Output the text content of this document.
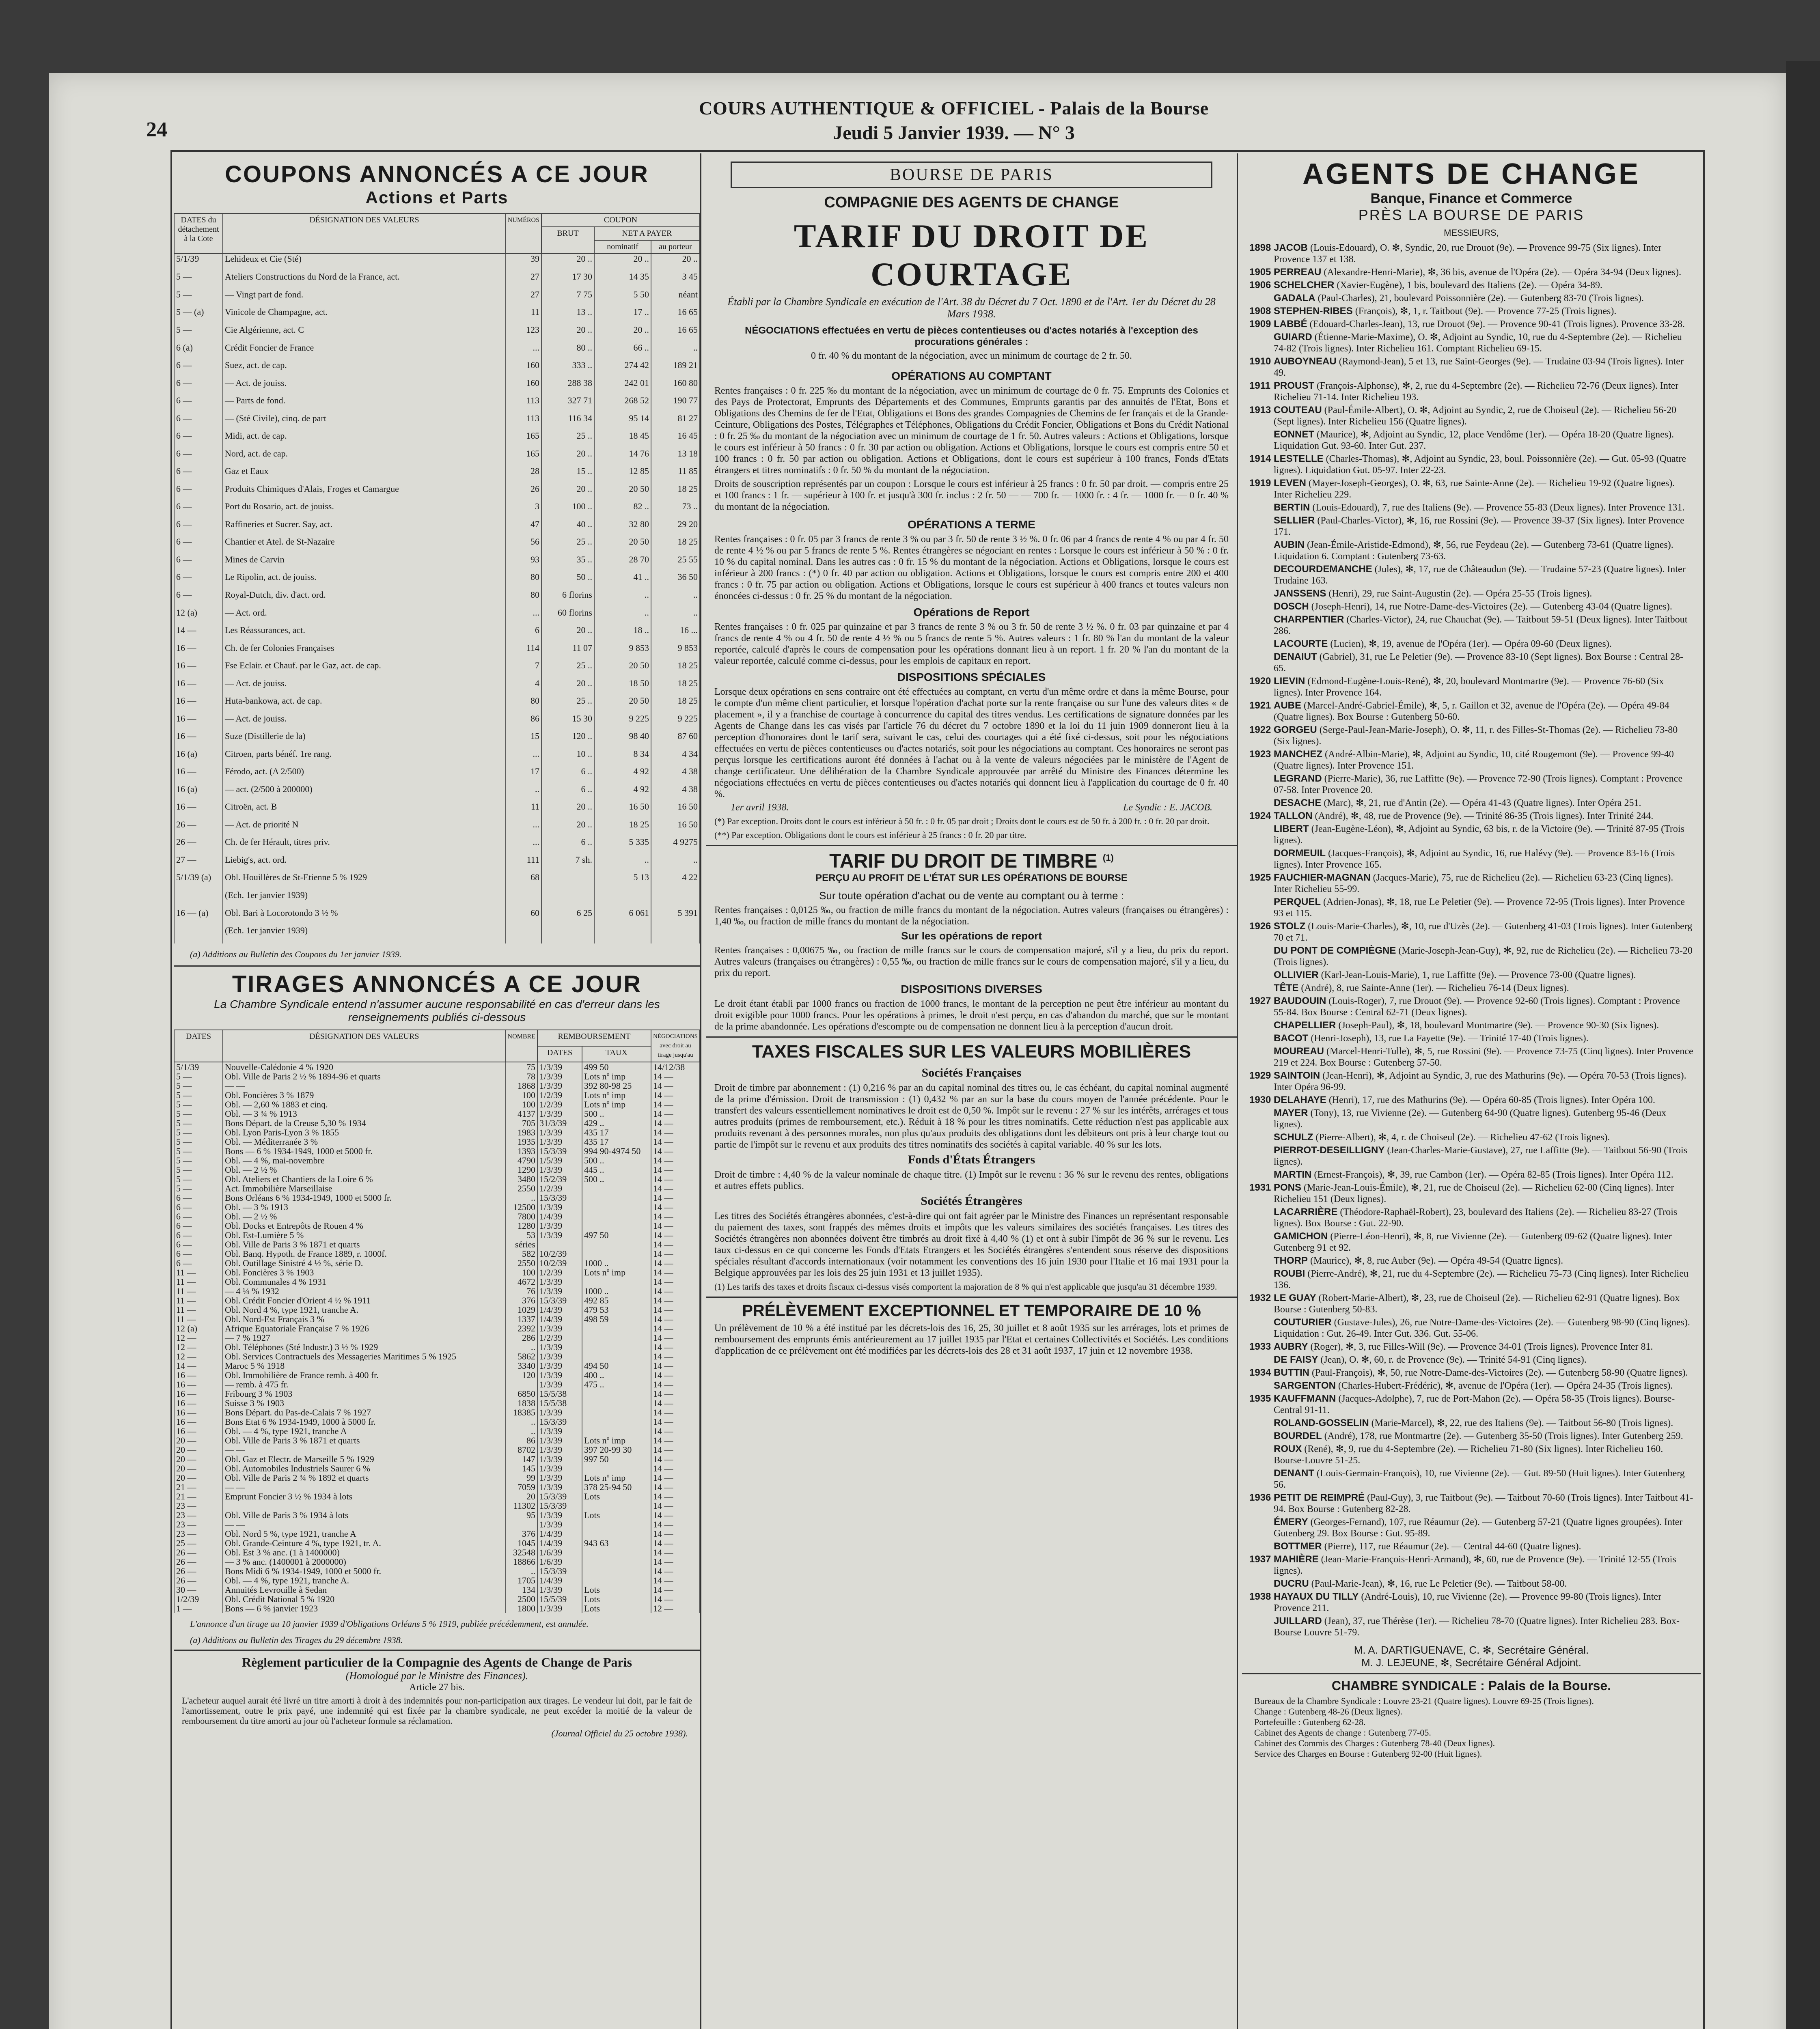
24
COURS AUTHENTIQUE & OFFICIEL - Palais de la Bourse
Jeudi 5 Janvier 1939. — N° 3
COUPONS ANNONCÉS A CE JOUR
Actions et Parts
DATES du détachement à la Cote	DÉSIGNATION DES VALEURS	NUMÉROS	COUPON		
			BRUT	NET A PAYER	
				nominatif	au porteur
5/1/39	Lehideux et Cie (Sté)	39	20 ..	20 ..	20 ..
5 —	Ateliers Constructions du Nord de la France, act.	27	17 30	14 35	3 45
5 —	— Vingt part de fond.	27	7 75	5 50	néant
5 — (a)	Vinicole de Champagne, act.	11	13 ..	17 ..	16 65
5 —	Cie Algérienne, act. C	123	20 ..	20 ..	16 65
6 (a)	Crédit Foncier de France	...	80 ..	66 ..	..
6 —	Suez, act. de cap.	160	333 ..	274 42	189 21
6 —	— Act. de jouiss.	160	288 38	242 01	160 80
6 —	— Parts de fond.	113	327 71	268 52	190 77
6 —	— (Sté Civile), cinq. de part	113	116 34	95 14	81 27
6 —	Midi, act. de cap.	165	25 ..	18 45	16 45
6 —	Nord, act. de cap.	165	20 ..	14 76	13 18
6 —	Gaz et Eaux	28	15 ..	12 85	11 85
6 —	Produits Chimiques d'Alais, Froges et Camargue	26	20 ..	20 50	18 25
6 —	Port du Rosario, act. de jouiss.	3	100 ..	82 ..	73 ..
6 —	Raffineries et Sucrer. Say, act.	47	40 ..	32 80	29 20
6 —	Chantier et Atel. de St-Nazaire	56	25 ..	20 50	18 25
6 —	Mines de Carvin	93	35 ..	28 70	25 55
6 —	Le Ripolin, act. de jouiss.	80	50 ..	41 ..	36 50
6 —	Royal-Dutch, div. d'act. ord.	80	6 florins	..	..
12 (a)	— Act. ord.	...	60 florins	..	..
14 —	Les Réassurances, act.	6	20 ..	18 ..	16 ...
16 —	Ch. de fer Colonies Françaises	114	11 07	9 853	9 853
16 —	Fse Eclair. et Chauf. par le Gaz, act. de cap.	7	25 ..	20 50	18 25
16 —	— Act. de jouiss.	4	20 ..	18 50	18 25
16 —	Huta-bankowa, act. de cap.	80	25 ..	20 50	18 25
16 —	— Act. de jouiss.	86	15 30	9 225	9 225
16 —	Suze (Distillerie de la)	15	120 ..	98 40	87 60
16 (a)	Citroen, parts bénéf. 1re rang.	...	10 ..	8 34	4 34
16 —	Férodo, act. (A 2/500)	17	6 ..	4 92	4 38
16 (a)	— act. (2/500 à 200000)	..	6 ..	4 92	4 38
16 —	Citroën, act. B	11	20 ..	16 50	16 50
26 —	— Act. de priorité N	...	20 ..	18 25	16 50
26 —	Ch. de fer Hérault, titres priv.	...	6 ..	5 335	4 9275
27 —	Liebig's, act. ord.	111	7 sh.	..	..

5/1/39 (a)	Obl. Houillères de St-Etienne 5 % 1929	68		5 13	4 22
	(Ech. 1er janvier 1939)				
16 — (a)	Obl. Bari à Locorotondo 3 ½ %	60	6 25	6 061	5 391
	(Ech. 1er janvier 1939)				
(a) Additions au Bulletin des Coupons du 1er janvier 1939.
TIRAGES ANNONCÉS A CE JOUR
La Chambre Syndicale entend n'assumer aucune responsabilité en cas d'erreur dans les renseignements publiés ci-dessous
DATES	DÉSIGNATION DES VALEURS	NOMBRE	REMBOURSEMENT		NÉGOCIATIONS avec droit au tirage jusqu'au
			DATES	TAUX	
5/1/39	Nouvelle-Calédonie 4 % 1920	75	1/3/39	499 50	14/12/38
5 —	Obl. Ville de Paris 2 ½ % 1894-96 et quarts	78	1/3/39	Lots nº imp	14 —
5 —	— —	1868	1/3/39	392 80-98 25	14 —
5 —	Obl. Foncières 3 % 1879	100	1/2/39	Lots nº imp	14 —
5 —	Obl. — 2,60 % 1883 et cinq.	100	1/2/39	Lots nº imp	14 —
5 —	Obl. — 3 ¾ % 1913	4137	1/3/39	500 ..	14 —
5 —	Bons Départ. de la Creuse 5,30 % 1934	705	31/3/39	429 ..	14 —
5 —	Obl. Lyon Paris-Lyon 3 % 1855	1983	1/3/39	435 17	14 —
5 —	Obl. — Méditerranée 3 %	1935	1/3/39	435 17	14 —
5 —	Bons — 6 % 1934-1949, 1000 et 5000 fr.	1393	15/3/39	994 90-4974 50	14 —
5 —	Obl. — 4 %, mai-novembre	4790	1/5/39	500 ..	14 —
5 —	Obl. — 2 ½ %	1290	1/3/39	445 ..	14 —
5 —	Obl. Ateliers et Chantiers de la Loire 6 %	3480	15/2/39	500 ..	14 —
5 —	Act. Immobilière Marseillaise	2550	1/2/39		14 —
6 —	Bons Orléans 6 % 1934-1949, 1000 et 5000 fr.	..	15/3/39		14 —
6 —	Obl. — 3 % 1913	12500	1/3/39		14 —
6 —	Obl. — 2 ½ %	7800	1/4/39		14 —
6 —	Obl. Docks et Entrepôts de Rouen 4 %	1280	1/3/39		14 —
6 —	Obl. Est-Lumière 5 %	53	1/3/39	497 50	14 —
6 —	Obl. Ville de Paris 3 % 1871 et quarts	séries			14 —
6 —	Obl. Banq. Hypoth. de France 1889, r. 1000f.	582	10/2/39		14 —
6 —	Obl. Outillage Sinistré 4 ½ %, série D.	2550	10/2/39	1000 ..	14 —
11 —	Obl. Foncières 3 % 1903	100	1/2/39	Lots nº imp	14 —
11 —	Obl. Communales 4 % 1931	4672	1/3/39		14 —
11 —	— 4 ¼ % 1932	76	1/3/39	1000 ..	14 —
11 —	Obl. Crédit Foncier d'Orient 4 ½ % 1911	376	15/3/39	492 85	14 —
11 —	Obl. Nord 4 %, type 1921, tranche A.	1029	1/4/39	479 53	14 —
11 —	Obl. Nord-Est Français 3 %	1337	1/4/39	498 59	14 —
12 (a)	Afrique Equatoriale Française 7 % 1926	2392	1/3/39		14 —
12 —	— 7 % 1927	286	1/2/39		14 —
12 —	Obl. Téléphones (Sté Industr.) 3 ½ % 1929	..	1/3/39		14 —
12 —	Obl. Services Contractuels des Messageries Maritimes 5 % 1925	5862	1/3/39		14 —
14 —	Maroc 5 % 1918	3340	1/3/39	494 50	14 —
16 —	Obl. Immobilière de France remb. à 400 fr.	120	1/3/39	400 ..	14 —
16 —	— remb. à 475 fr.		1/3/39	475 ..	14 —
16 —	Fribourg 3 % 1903	6850	15/5/38		14 —
16 —	Suisse 3 % 1903	1838	15/5/38		14 —
16 —	Bons Départ. du Pas-de-Calais 7 % 1927	18385	1/3/39		14 —
16 —	Bons Etat 6 % 1934-1949, 1000 à 5000 fr.	..	15/3/39		14 —
16 —	Obl. — 4 %, type 1921, tranche A	..	1/3/39		14 —
20 —	Obl. Ville de Paris 3 % 1871 et quarts	86	1/3/39	Lots nº imp	14 —
20 —	— —	8702	1/3/39	397 20-99 30	14 —
20 —	Obl. Gaz et Electr. de Marseille 5 % 1929	147	1/3/39	997 50	14 —
20 —	Obl. Automobiles Industriels Saurer 6 %	145	1/3/39		14 —
20 —	Obl. Ville de Paris 2 ¾ % 1892 et quarts	99	1/3/39	Lots nº imp	14 —
21 —	— —	7059	1/3/39	378 25-94 50	14 —
21 —	Emprunt Foncier 3 ½ % 1934 à lots	20	15/3/39	Lots	14 —
23 —		11302	15/3/39		14 —
23 —	Obl. Ville de Paris 3 % 1934 à lots	95	1/3/39	Lots	14 —
23 —	— —		1/3/39		14 —
23 —	Obl. Nord 5 %, type 1921, tranche A	376	1/4/39		14 —
25 —	Obl. Grande-Ceinture 4 %, type 1921, tr. A.	1045	1/4/39	943 63	14 —
26 —	Obl. Est 3 % anc. (1 à 1400000)	32548	1/6/39		14 —
26 —	— 3 % anc. (1400001 à 2000000)	18866	1/6/39		14 —
26 —	Bons Midi 6 % 1934-1949, 1000 et 5000 fr.	..	15/3/39		14 —
26 —	Obl. — 4 %, type 1921, tranche A.	1705	1/4/39		14 —
30 —	Annuités Levrouille à Sedan	134	1/3/39	Lots	14 —
1/2/39	Obl. Crédit National 5 % 1920	2500	15/5/39	Lots	14 —
1 —	Bons — 6 % janvier 1923	1800	1/3/39	Lots	12 —
L'annonce d'un tirage au 10 janvier 1939 d'Obligations Orléans 5 % 1919, publiée précédemment, est annulée.
(a) Additions au Bulletin des Tirages du 29 décembre 1938.
Règlement particulier de la Compagnie des Agents de Change de Paris
(Homologué par le Ministre des Finances).
Article 27 bis.
L'acheteur auquel aurait été livré un titre amorti à droit à des indemnités pour non-participation aux tirages. Le vendeur lui doit, par le fait de l'amortissement, outre le prix payé, une indemnité qui est fixée par la chambre syndicale, ne peut excéder la moitié de la valeur de remboursement du titre amorti au jour où l'acheteur formule sa réclamation.
(Journal Officiel du 25 octobre 1938).
BOURSE DE PARIS
COMPAGNIE DES AGENTS DE CHANGE
TARIF DU DROIT DE COURTAGE
Établi par la Chambre Syndicale en exécution de l'Art. 38 du Décret du 7 Oct. 1890 et de l'Art. 1er du Décret du 28 Mars 1938.
NÉGOCIATIONS effectuées en vertu de pièces contentieuses ou d'actes notariés à l'exception des procurations générales :
0 fr. 40 % du montant de la négociation, avec un minimum de courtage de 2 fr. 50.
OPÉRATIONS AU COMPTANT
Rentes françaises : 0 fr. 225 ‰ du montant de la négociation, avec un minimum de courtage de 0 fr. 75. Emprunts des Colonies et des Pays de Protectorat, Emprunts des Départements et des Communes, Emprunts garantis par des annuités de l'Etat, Bons et Obligations des Chemins de fer de l'Etat, Obligations et Bons des grandes Compagnies de Chemins de fer français et de la Grande-Ceinture, Obligations des Postes, Télégraphes et Téléphones, Obligations du Crédit Foncier, Obligations et Bons du Crédit National : 0 fr. 25 ‰ du montant de la négociation avec un minimum de courtage de 1 fr. 50. Autres valeurs : Actions et Obligations, lorsque le cours est inférieur à 50 francs : 0 fr. 30 par action ou obligation. Actions et Obligations, lorsque le cours est compris entre 50 et 100 francs : 0 fr. 50 par action ou obligation. Actions et Obligations, dont le cours est supérieur à 100 francs, Fonds d'Etats étrangers et titres nominatifs : 0 fr. 50 % du montant de la négociation.
Droits de souscription représentés par un coupon : Lorsque le cours est inférieur à 25 francs : 0 fr. 50 par droit. — compris entre 25 et 100 francs : 1 fr. — supérieur à 100 fr. et jusqu'à 300 fr. inclus : 2 fr. 50 — — 700 fr. — 1000 fr. : 4 fr. — 1000 fr. — 0 fr. 40 % du montant de la négociation.
OPÉRATIONS A TERME
Rentes françaises : 0 fr. 05 par 3 francs de rente 3 % ou par 3 fr. 50 de rente 3 ½ %. 0 fr. 06 par 4 francs de rente 4 % ou par 4 fr. 50 de rente 4 ½ % ou par 5 francs de rente 5 %. Rentes étrangères se négociant en rentes : Lorsque le cours est inférieur à 50 % : 0 fr. 10 % du capital nominal. Dans les autres cas : 0 fr. 15 % du montant de la négociation. Actions et Obligations, lorsque le cours est inférieur à 200 francs : (*) 0 fr. 40 par action ou obligation. Actions et Obligations, lorsque le cours est compris entre 200 et 400 francs : 0 fr. 75 par action ou obligation. Actions et Obligations, lorsque le cours est supérieur à 400 francs et toutes valeurs non énoncées ci-dessus : 0 fr. 25 % du montant de la négociation.
Opérations de Report
Rentes françaises : 0 fr. 025 par quinzaine et par 3 francs de rente 3 % ou 3 fr. 50 de rente 3 ½ %. 0 fr. 03 par quinzaine et par 4 francs de rente 4 % ou 4 fr. 50 de rente 4 ½ % ou 5 francs de rente 5 %. Autres valeurs : 1 fr. 80 % l'an du montant de la valeur reportée, calculé d'après le cours de compensation pour les opérations donnant lieu à un report. 1 fr. 20 % l'an du montant de la valeur reportée, calculé comme ci-dessus, pour les emplois de capitaux en report.
DISPOSITIONS SPÉCIALES
Lorsque deux opérations en sens contraire ont été effectuées au comptant, en vertu d'un même ordre et dans la même Bourse, pour le compte d'un même client particulier, et lorsque l'opération d'achat porte sur la rente française ou sur l'une des valeurs dites « de placement », il y a franchise de courtage à concurrence du capital des titres vendus. Les certifications de signature données par les Agents de Change dans les cas visés par l'article 76 du décret du 7 octobre 1890 et la loi du 11 juin 1909 donneront lieu à la perception d'honoraires dont le tarif sera, suivant le cas, celui des courtages qui a été fixé ci-dessus, soit pour les négociations effectuées en vertu de pièces contentieuses ou d'actes notariés, soit pour les négociations au comptant. Ces honoraires ne seront pas perçus lorsque les certifications auront été données à l'achat ou à la vente de valeurs négociées par le ministère de l'Agent de change certificateur. Une délibération de la Chambre Syndicale approuvée par arrêté du Ministre des Finances détermine les négociations effectuées en vertu de pièces contentieuses ou d'actes notariés qui donnent lieu à l'application du courtage de 0 fr. 40 %.
1er avril 1938.	Le Syndic : E. JACOB.
(*) Par exception. Droits dont le cours est inférieur à 50 fr. : 0 fr. 05 par droit ; Droits dont le cours est de 50 fr. à 200 fr. : 0 fr. 20 par droit.
(**) Par exception. Obligations dont le cours est inférieur à 25 francs : 0 fr. 20 par titre.
TARIF DU DROIT DE TIMBRE $^{(1)}$
PERÇU AU PROFIT DE L'ÉTAT SUR LES OPÉRATIONS DE BOURSE
Sur toute opération d'achat ou de vente au comptant ou à terme :
Rentes françaises : 0,0125 ‰, ou fraction de mille francs du montant de la négociation. Autres valeurs (françaises ou étrangères) : 1,40 ‰, ou fraction de mille francs du montant de la négociation.
Sur les opérations de report
Rentes françaises : 0,00675 ‰, ou fraction de mille francs sur le cours de compensation majoré, s'il y a lieu, du prix du report. Autres valeurs (françaises ou étrangères) : 0,55 ‰, ou fraction de mille francs sur le cours de compensation majoré, s'il y a lieu, du prix du report.
DISPOSITIONS DIVERSES
Le droit étant établi par 1000 francs ou fraction de 1000 francs, le montant de la perception ne peut être inférieur au montant du droit exigible pour 1000 francs. Pour les opérations à primes, le droit n'est perçu, en cas d'abandon du marché, que sur le montant de la prime abandonnée. Les opérations d'escompte ou de compensation ne donnent lieu à la perception d'aucun droit.
TAXES FISCALES SUR LES VALEURS MOBILIÈRES
Sociétés Françaises
Droit de timbre par abonnement : (1) 0,216 % par an du capital nominal des titres ou, le cas échéant, du capital nominal augmenté de la prime d'émission. Droit de transmission : (1) 0,432 % par an sur la base du cours moyen de l'année précédente. Pour le transfert des valeurs essentiellement nominatives le droit est de 0,50 %. Impôt sur le revenu : 27 % sur les intérêts, arrérages et tous autres produits (primes de remboursement, etc.). Réduit à 18 % pour les titres nominatifs. Cette réduction n'est pas applicable aux produits revenant à des personnes morales, non plus qu'aux produits des obligations dont les débiteurs ont pris à leur charge tout ou partie de l'impôt sur le revenu et aux produits des titres nominatifs des sociétés à capital variable. 40 % sur les lots.
Fonds d'États Étrangers
Droit de timbre : 4,40 % de la valeur nominale de chaque titre. (1) Impôt sur le revenu : 36 % sur le revenu des rentes, obligations et autres effets publics.
Sociétés Étrangères
Les titres des Sociétés étrangères abonnées, c'est-à-dire qui ont fait agréer par le Ministre des Finances un représentant responsable du paiement des taxes, sont frappés des mêmes droits et impôts que les valeurs similaires des sociétés françaises. Les titres des Sociétés étrangères non abonnées doivent être timbrés au droit fixé à 4,40 % (1) et ont à subir l'impôt de 36 % sur le revenu. Les taux ci-dessus en ce qui concerne les Fonds d'Etats Etrangers et les Sociétés étrangères s'entendent sous réserve des dispositions spéciales résultant d'accords internationaux (voir notamment les conventions des 16 juin 1930 pour l'Italie et 16 mai 1931 pour la Belgique approuvées par les lois des 25 juin 1931 et 13 juillet 1935).
(1) Les tarifs des taxes et droits fiscaux ci-dessus visés comportent la majoration de 8 % qui n'est applicable que jusqu'au 31 décembre 1939.
PRÉLÈVEMENT EXCEPTIONNEL ET TEMPORAIRE DE 10 %
Un prélèvement de 10 % a été institué par les décrets-lois des 16, 25, 30 juillet et 8 août 1935 sur les arrérages, lots et primes de remboursement des emprunts émis antérieurement au 17 juillet 1935 par l'Etat et certaines Collectivités et Sociétés. Les conditions d'application de ce prélèvement ont été modifiées par les décrets-lois des 28 et 31 août 1937, 17 juin et 12 novembre 1938.
AGENTS DE CHANGE
Banque, Finance et Commerce
PRÈS LA BOURSE DE PARIS
MESSIEURS,
1898 JACOB (Louis-Edouard), O. ✻, Syndic, 20, rue Drouot (9e). — Provence 99-75 (Six lignes). Inter Provence 137 et 138.
1905 PERREAU (Alexandre-Henri-Marie), ✻, 36 bis, avenue de l'Opéra (2e). — Opéra 34-94 (Deux lignes).
1906 SCHELCHER (Xavier-Eugène), 1 bis, boulevard des Italiens (2e). — Opéra 34-89.
GADALA (Paul-Charles), 21, boulevard Poissonnière (2e). — Gutenberg 83-70 (Trois lignes).
1908 STEPHEN-RIBES (François), ✻, 1, r. Taitbout (9e). — Provence 77-25 (Trois lignes).
1909 LABBÉ (Edouard-Charles-Jean), 13, rue Drouot (9e). — Provence 90-41 (Trois lignes). Provence 33-28.
GUIARD (Étienne-Marie-Maxime), O. ✻, Adjoint au Syndic, 10, rue du 4-Septembre (2e). — Richelieu 74-82 (Trois lignes). Inter Richelieu 161. Comptant Richelieu 69-15.
1910 AUBOYNEAU (Raymond-Jean), 5 et 13, rue Saint-Georges (9e). — Trudaine 03-94 (Trois lignes). Inter 49.
1911 PROUST (François-Alphonse), ✻, 2, rue du 4-Septembre (2e). — Richelieu 72-76 (Deux lignes). Inter Richelieu 71-14. Inter Richelieu 193.
1913 COUTEAU (Paul-Émile-Albert), O. ✻, Adjoint au Syndic, 2, rue de Choiseul (2e). — Richelieu 56-20 (Sept lignes). Inter Richelieu 156 (Quatre lignes).
EONNET (Maurice), ✻, Adjoint au Syndic, 12, place Vendôme (1er). — Opéra 18-20 (Quatre lignes). Liquidation Gut. 93-60. Inter Gut. 237.
1914 LESTELLE (Charles-Thomas), ✻, Adjoint au Syndic, 23, boul. Poissonnière (2e). — Gut. 05-93 (Quatre lignes). Liquidation Gut. 05-97. Inter 22-23.
1919 LEVEN (Mayer-Joseph-Georges), O. ✻, 63, rue Sainte-Anne (2e). — Richelieu 19-92 (Quatre lignes). Inter Richelieu 229.
BERTIN (Louis-Edouard), 7, rue des Italiens (9e). — Provence 55-83 (Deux lignes). Inter Provence 131.
SELLIER (Paul-Charles-Victor), ✻, 16, rue Rossini (9e). — Provence 39-37 (Six lignes). Inter Provence 171.
AUBIN (Jean-Émile-Aristide-Edmond), ✻, 56, rue Feydeau (2e). — Gutenberg 73-61 (Quatre lignes). Liquidation 6. Comptant : Gutenberg 73-63.
DECOURDEMANCHE (Jules), ✻, 17, rue de Châteaudun (9e). — Trudaine 57-23 (Quatre lignes). Inter Trudaine 163.
JANSSENS (Henri), 29, rue Saint-Augustin (2e). — Opéra 25-55 (Trois lignes).
DOSCH (Joseph-Henri), 14, rue Notre-Dame-des-Victoires (2e). — Gutenberg 43-04 (Quatre lignes).
CHARPENTIER (Charles-Victor), 24, rue Chauchat (9e). — Taitbout 59-51 (Deux lignes). Inter Taitbout 286.
LACOURTE (Lucien), ✻, 19, avenue de l'Opéra (1er). — Opéra 09-60 (Deux lignes).
DENAIUT (Gabriel), 31, rue Le Peletier (9e). — Provence 83-10 (Sept lignes). Box Bourse : Central 28-65.
1920 LIEVIN (Edmond-Eugène-Louis-René), ✻, 20, boulevard Montmartre (9e). — Provence 76-60 (Six lignes). Inter Provence 164.
1921 AUBE (Marcel-André-Gabriel-Émile), ✻, 5, r. Gaillon et 32, avenue de l'Opéra (2e). — Opéra 49-84 (Quatre lignes). Box Bourse : Gutenberg 50-60.
1922 GORGEU (Serge-Paul-Jean-Marie-Joseph), O. ✻, 11, r. des Filles-St-Thomas (2e). — Richelieu 73-80 (Six lignes).
1923 MANCHEZ (André-Albin-Marie), ✻, Adjoint au Syndic, 10, cité Rougemont (9e). — Provence 99-40 (Quatre lignes). Inter Provence 151.
LEGRAND (Pierre-Marie), 36, rue Laffitte (9e). — Provence 72-90 (Trois lignes). Comptant : Provence 07-58. Inter Provence 20.
DESACHE (Marc), ✻, 21, rue d'Antin (2e). — Opéra 41-43 (Quatre lignes). Inter Opéra 251.
1924 TALLON (André), ✻, 48, rue de Provence (9e). — Trinité 86-35 (Trois lignes). Inter Trinité 244.
LIBERT (Jean-Eugène-Léon), ✻, Adjoint au Syndic, 63 bis, r. de la Victoire (9e). — Trinité 87-95 (Trois lignes).
DORMEUIL (Jacques-François), ✻, Adjoint au Syndic, 16, rue Halévy (9e). — Provence 83-16 (Trois lignes). Inter Provence 165.
1925 FAUCHIER-MAGNAN (Jacques-Marie), 75, rue de Richelieu (2e). — Richelieu 63-23 (Cinq lignes). Inter Richelieu 55-99.
PERQUEL (Adrien-Jonas), ✻, 18, rue Le Peletier (9e). — Provence 72-95 (Trois lignes). Inter Provence 93 et 115.
1926 STOLZ (Louis-Marie-Charles), ✻, 10, rue d'Uzès (2e). — Gutenberg 41-03 (Trois lignes). Inter Gutenberg 70 et 71.
DU PONT DE COMPIÈGNE (Marie-Joseph-Jean-Guy), ✻, 92, rue de Richelieu (2e). — Richelieu 73-20 (Trois lignes).
OLLIVIER (Karl-Jean-Louis-Marie), 1, rue Laffitte (9e). — Provence 73-00 (Quatre lignes).
TÊTE (André), 8, rue Sainte-Anne (1er). — Richelieu 76-14 (Deux lignes).
1927 BAUDOUIN (Louis-Roger), 7, rue Drouot (9e). — Provence 92-60 (Trois lignes). Comptant : Provence 55-84. Box Bourse : Central 62-71 (Deux lignes).
CHAPELLIER (Joseph-Paul), ✻, 18, boulevard Montmartre (9e). — Provence 90-30 (Six lignes).
BACOT (Henri-Joseph), 13, rue La Fayette (9e). — Trinité 17-40 (Trois lignes).
MOUREAU (Marcel-Henri-Tulle), ✻, 5, rue Rossini (9e). — Provence 73-75 (Cinq lignes). Inter Provence 219 et 224. Box Bourse : Gutenberg 57-50.
1929 SAINTOIN (Jean-Henri), ✻, Adjoint au Syndic, 3, rue des Mathurins (9e). — Opéra 70-53 (Trois lignes). Inter Opéra 96-99.
1930 DELAHAYE (Henri), 17, rue des Mathurins (9e). — Opéra 60-85 (Trois lignes). Inter Opéra 100.
MAYER (Tony), 13, rue Vivienne (2e). — Gutenberg 64-90 (Quatre lignes). Gutenberg 95-46 (Deux lignes).
SCHULZ (Pierre-Albert), ✻, 4, r. de Choiseul (2e). — Richelieu 47-62 (Trois lignes).
PIERROT-DESEILLIGNY (Jean-Charles-Marie-Gustave), 27, rue Laffitte (9e). — Taitbout 56-90 (Trois lignes).
MARTIN (Ernest-François), ✻, 39, rue Cambon (1er). — Opéra 82-85 (Trois lignes). Inter Opéra 112.
1931 PONS (Marie-Jean-Louis-Émile), ✻, 21, rue de Choiseul (2e). — Richelieu 62-00 (Cinq lignes). Inter Richelieu 151 (Deux lignes).
LACARRIÈRE (Théodore-Raphaël-Robert), 23, boulevard des Italiens (2e). — Richelieu 83-27 (Trois lignes). Box Bourse : Gut. 22-90.
GAMICHON (Pierre-Léon-Henri), ✻, 8, rue Vivienne (2e). — Gutenberg 09-62 (Quatre lignes). Inter Gutenberg 91 et 92.
THORP (Maurice), ✻, 8, rue Auber (9e). — Opéra 49-54 (Quatre lignes).
ROUBI (Pierre-André), ✻, 21, rue du 4-Septembre (2e). — Richelieu 75-73 (Cinq lignes). Inter Richelieu 136.
1932 LE GUAY (Robert-Marie-Albert), ✻, 23, rue de Choiseul (2e). — Richelieu 62-91 (Quatre lignes). Box Bourse : Gutenberg 50-83.
COUTURIER (Gustave-Jules), 26, rue Notre-Dame-des-Victoires (2e). — Gutenberg 98-90 (Cinq lignes). Liquidation : Gut. 26-49. Inter Gut. 336. Gut. 55-06.
1933 AUBRY (Roger), ✻, 3, rue Filles-Will (9e). — Provence 34-01 (Trois lignes). Provence Inter 81.
DE FAISY (Jean), O. ✻, 60, r. de Provence (9e). — Trinité 54-91 (Cinq lignes).
1934 BUTTIN (Paul-François), ✻, 50, rue Notre-Dame-des-Victoires (2e). — Gutenberg 58-90 (Quatre lignes).
SARGENTON (Charles-Hubert-Frédéric), ✻, avenue de l'Opéra (1er). — Opéra 24-35 (Trois lignes).
1935 KAUFFMANN (Jacques-Adolphe), 7, rue de Port-Mahon (2e). — Opéra 58-35 (Trois lignes). Bourse-Central 91-11.
ROLAND-GOSSELIN (Marie-Marcel), ✻, 22, rue des Italiens (9e). — Taitbout 56-80 (Trois lignes).
BOURDEL (André), 178, rue Montmartre (2e). — Gutenberg 35-50 (Trois lignes). Inter Gutenberg 259.
ROUX (René), ✻, 9, rue du 4-Septembre (2e). — Richelieu 71-80 (Six lignes). Inter Richelieu 160. Bourse-Louvre 51-25.
DENANT (Louis-Germain-François), 10, rue Vivienne (2e). — Gut. 89-50 (Huit lignes). Inter Gutenberg 56.
1936 PETIT DE REIMPRÉ (Paul-Guy), 3, rue Taitbout (9e). — Taitbout 70-60 (Trois lignes). Inter Taitbout 41-94. Box Bourse : Gutenberg 82-28.
ÉMERY (Georges-Fernand), 107, rue Réaumur (2e). — Gutenberg 57-21 (Quatre lignes groupées). Inter Gutenberg 29. Box Bourse : Gut. 95-89.
BOTTMER (Pierre), 117, rue Réaumur (2e). — Central 44-60 (Quatre lignes).
1937 MAHIÈRE (Jean-Marie-François-Henri-Armand), ✻, 60, rue de Provence (9e). — Trinité 12-55 (Trois lignes).
DUCRU (Paul-Marie-Jean), ✻, 16, rue Le Peletier (9e). — Taitbout 58-00.
1938 HAYAUX DU TILLY (André-Louis), 10, rue Vivienne (2e). — Provence 99-80 (Trois lignes). Inter Provence 211.
JUILLARD (Jean), 37, rue Thérèse (1er). — Richelieu 78-70 (Quatre lignes). Inter Richelieu 283. Box-Bourse Louvre 51-79.
M. A. DARTIGUENAVE, C. ✻, Secrétaire Général.
M. J. LEJEUNE, ✻, Secrétaire Général Adjoint.
CHAMBRE SYNDICALE : Palais de la Bourse.
Bureaux de la Chambre Syndicale : Louvre 23-21 (Quatre lignes). Louvre 69-25 (Trois lignes).
Change : Gutenberg 48-26 (Deux lignes).
Portefeuille : Gutenberg 62-28.
Cabinet des Agents de change : Gutenberg 77-05.
Cabinet des Commis des Charges : Gutenberg 78-40 (Deux lignes).
Service des Charges en Bourse : Gutenberg 92-00 (Huit lignes).
